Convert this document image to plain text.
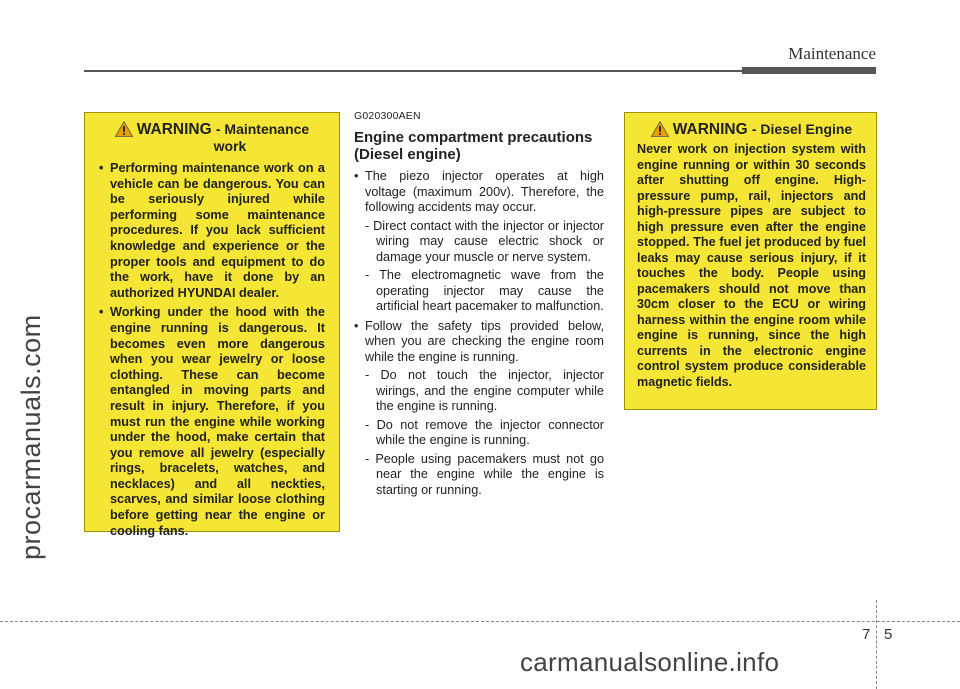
Maintenance
procarmanuals.com
WARNING
- Maintenance
work
• Performing maintenance work on a vehicle can be dangerous. You can be seriously injured while performing some maintenance procedures. If you lack sufficient knowledge and experience or the proper tools and equipment to do the work, have it done by an authorized HYUNDAI dealer.
• Working under the hood with the engine running is dangerous. It becomes even more dangerous when you wear jewelry or loose clothing. These can become entangled in moving parts and result in injury. Therefore, if you must run the engine while working under the hood, make certain that you remove all jewelry (especially rings, bracelets, watches, and necklaces) and all neckties, scarves, and similar loose clothing before getting near the engine or cooling fans.
G020300AEN
Engine compartment precautions (Diesel engine)
• The piezo injector operates at high voltage (maximum 200v). Therefore, the following accidents may occur.
- Direct contact with the injector or injector wiring may cause electric shock or damage your muscle or nerve system.
- The electromagnetic wave from the operating injector may cause the artificial heart pacemaker to malfunction.
• Follow the safety tips provided below, when you are checking the engine room while the engine is running.
- Do not touch the injector, injector wirings, and the engine computer while the engine is running.
- Do not remove the injector connector while the engine is running.
- People using pacemakers must not go near the engine while the engine is starting or running.
WARNING
- Diesel Engine
Never work on injection system with engine running or within 30 seconds after shutting off engine. High-pressure pump, rail, injectors and high-pressure pipes are subject to high pressure even after the engine stopped. The fuel jet produced by fuel leaks may cause serious injury, if it touches the body. People using pacemakers should not move than 30cm closer to the ECU or wiring harness within the engine room while engine is running, since the high currents in the electronic engine control system produce considerable magnetic fields.
7 5
carmanualsonline.info
